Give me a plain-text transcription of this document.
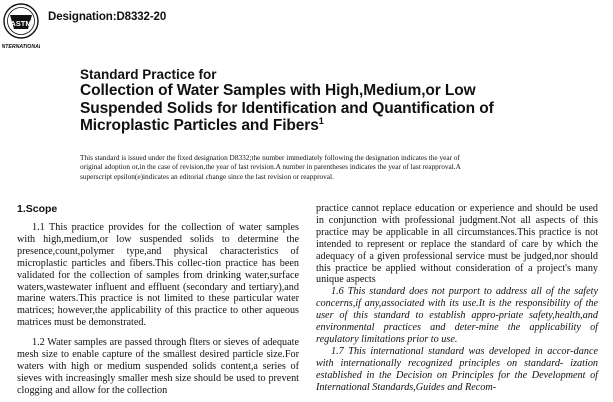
ASTM
INTERNATIONAL
Designation:D8332-20
Standard Practice for
Collection of Water Samples with High,Medium,or Low
Suspended Solids for Identification and Quantification of
Microplastic Particles and Fibers$^1$
This standard is issued under the fixed designation D8332;the number immediately following the designation indicates the year of
original adoption or,in the case of revision,the year of last revision.A number in parentheses indicates the year of last reapproval.A
superscript epsilon(e)indicates an editorial change since the last revision or reapproval.
1.Scope

1.1 This practice provides for the collection of water samples with high,medium,or low suspended solids to determine the presence,count,polymer type,and physical characteristics of microplastic particles and fibers.This collec-tion practice has been validated for the collection of samples from drinking water,surface waters,wastewater influent and effluent (secondary and tertiary),and marine waters.This practice is not limited to these particular water matrices; however,the applicability of this practice to other aqueous matrices must be demonstrated.

1.2 Water samples are passed through flters or sieves of adequate mesh size to enable capture of the smallest desired particle size.For waters with high or medium suspended solids content,a series of sieves with increasingly smaller mesh size should be used to prevent clogging and allow for the collection

practice cannot replace education or experience and should be used in conjunction with professional judgment.Not all aspects of this practice may be applicable in all circumstances.This practice is not intended to represent or replace the standard of care by which the adequacy of a given professional service must be judged,nor should this practice be applied without consideration of a project's many unique aspects

1.6 This standard does not purport to address all of the safety concerns,if any,associated with its use.It is the responsibility of the user of this standard to establish appro-priate safety,health,and environmental practices and deter-mine the applicability of regulatory limitations prior to use.

1.7 This international standard was developed in accor-dance with internationally recognized principles on standard- ization established in the Decision on Principles for the Development of International Standards,Guides and Recom-
